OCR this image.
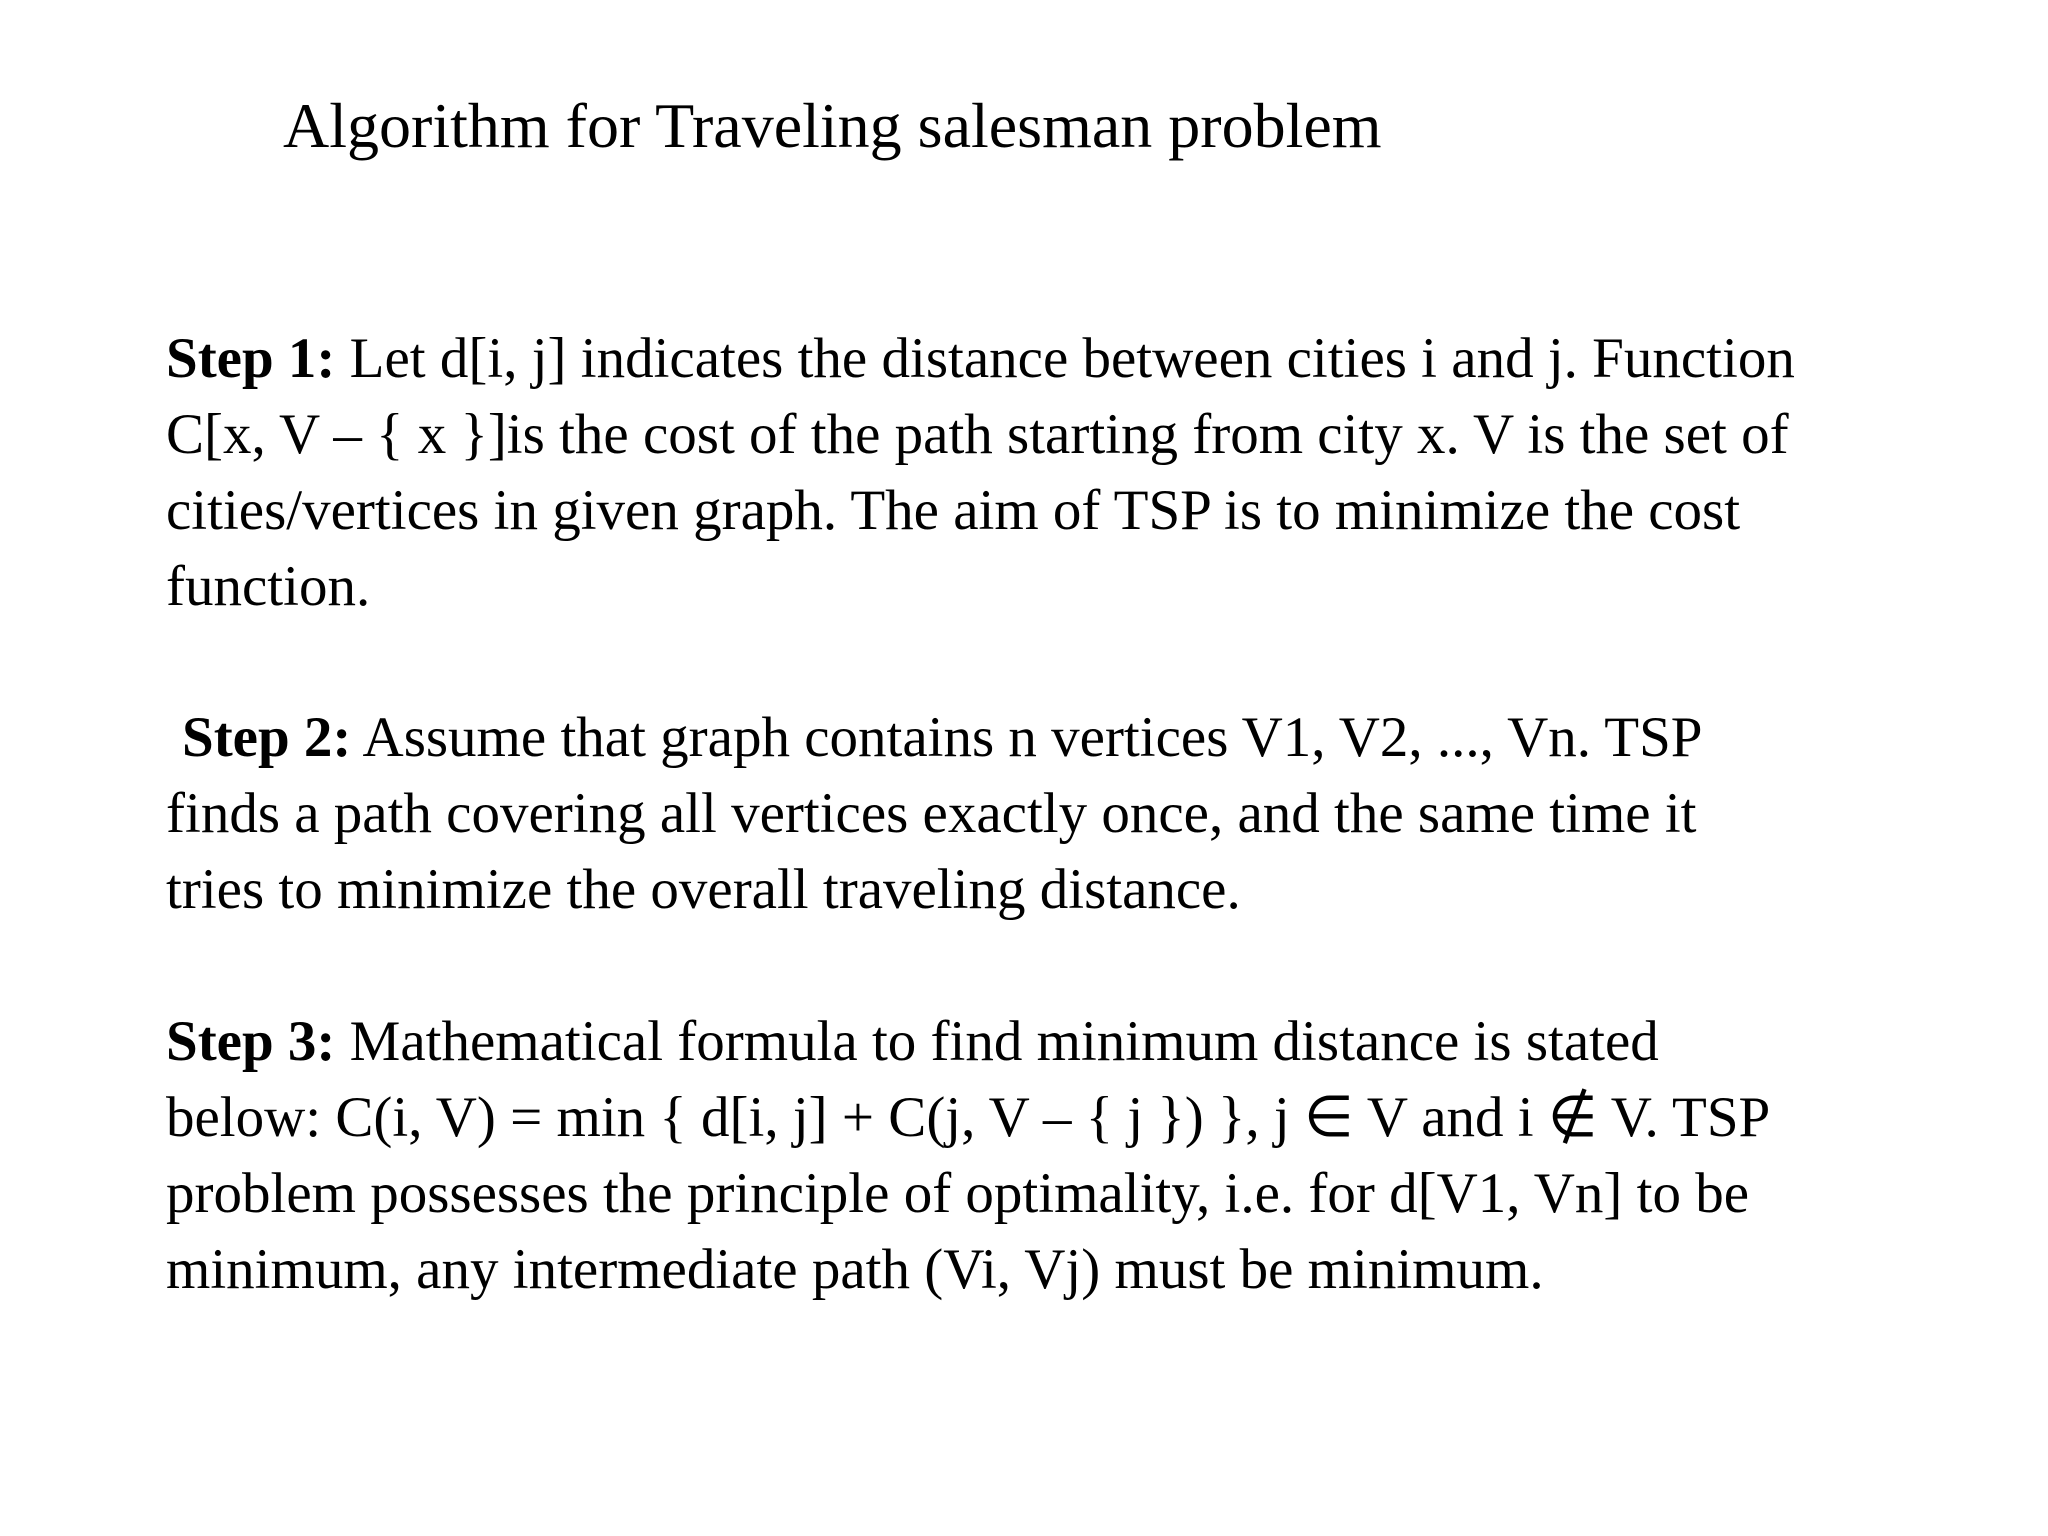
Algorithm for Traveling salesman problem
Step 1: Let d[i, j] indicates the distance between cities i and j. Function
C[x, V – { x }]is the cost of the path starting from city x. V is the set of
cities/vertices in given graph. The aim of TSP is to minimize the cost
function.
Step 2: Assume that graph contains n vertices V1, V2, ..., Vn. TSP
finds a path covering all vertices exactly once, and the same time it
tries to minimize the overall traveling distance.
Step 3: Mathematical formula to find minimum distance is stated
below: C(i, V) = min { d[i, j] + C(j, V – { j }) }, j ∈ V and i ∉ V. TSP
problem possesses the principle of optimality, i.e. for d[V1, Vn] to be
minimum, any intermediate path (Vi, Vj) must be minimum.
